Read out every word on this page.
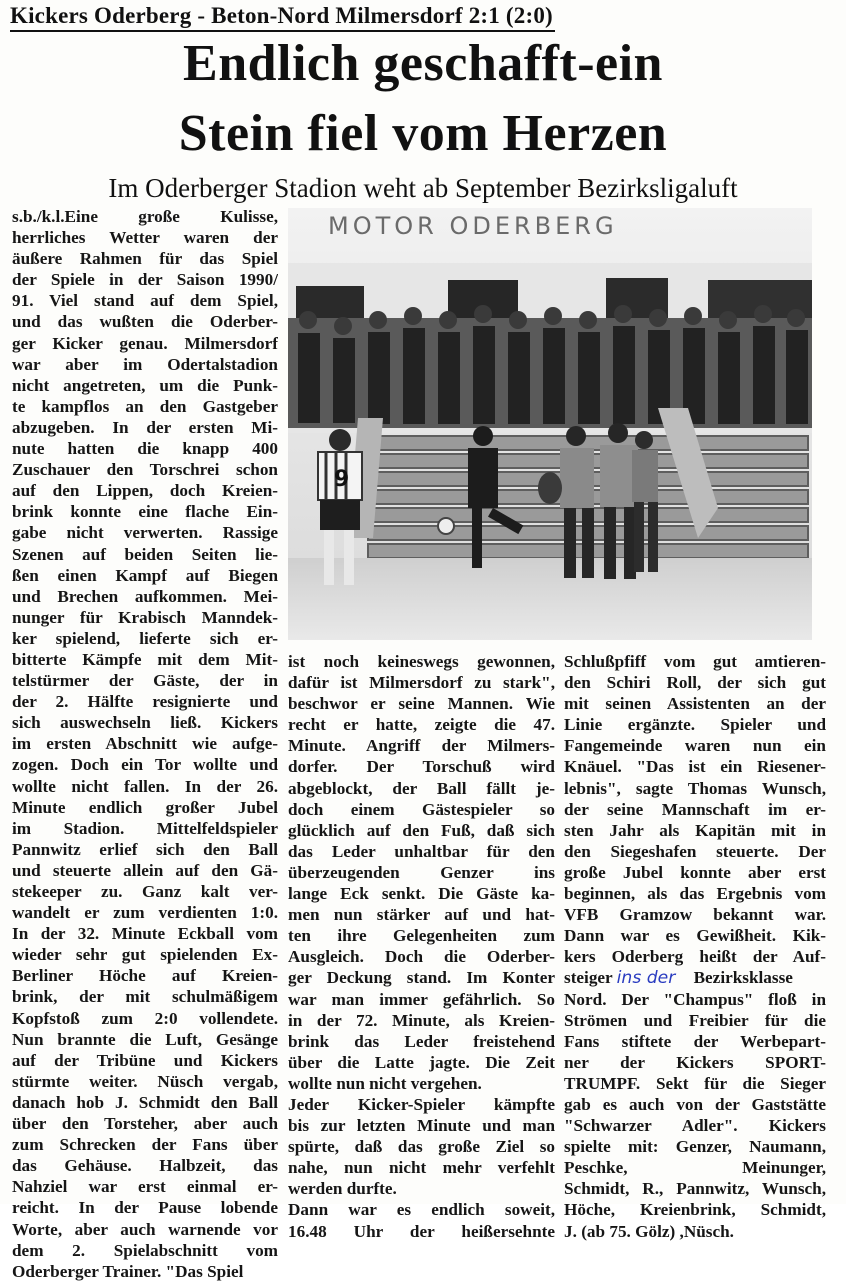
Kickers Oderberg - Beton-Nord Milmersdorf 2:1 (2:0)
Endlich geschafft-ein
Stein fiel vom Herzen
Im Oderberger Stadion weht ab September Bezirksligaluft
MOTOR ODERBERG
9
s.b./k.l.Eine große Kulisse,
herrliches Wetter waren der
äußere Rahmen für das Spiel
der Spiele in der Saison 1990/
91. Viel stand auf dem Spiel,
und das wußten die Oderber-
ger Kicker genau. Milmersdorf
war aber im Odertalstadion
nicht angetreten, um die Punk-
te kampflos an den Gastgeber
abzugeben. In der ersten Mi-
nute hatten die knapp 400
Zuschauer den Torschrei schon
auf den Lippen, doch Kreien-
brink konnte eine flache Ein-
gabe nicht verwerten. Rassige
Szenen auf beiden Seiten lie-
ßen einen Kampf auf Biegen
und Brechen aufkommen. Mei-
nunger für Krabisch Manndek-
ker spielend, lieferte sich er-
bitterte Kämpfe mit dem Mit-
telstürmer der Gäste, der in
der 2. Hälfte resignierte und
sich auswechseln ließ. Kickers
im ersten Abschnitt wie aufge-
zogen. Doch ein Tor wollte und
wollte nicht fallen. In der 26.
Minute endlich großer Jubel
im Stadion. Mittelfeldspieler
Pannwitz erlief sich den Ball
und steuerte allein auf den Gä-
stekeeper zu. Ganz kalt ver-
wandelt er zum verdienten 1:0.
In der 32. Minute Eckball vom
wieder sehr gut spielenden Ex-
Berliner Höche auf Kreien-
brink, der mit schulmäßigem
Kopfstoß zum 2:0 vollendete.
Nun brannte die Luft, Gesänge
auf der Tribüne und Kickers
stürmte weiter. Nüsch vergab,
danach hob J. Schmidt den Ball
über den Torsteher, aber auch
zum Schrecken der Fans über
das Gehäuse. Halbzeit, das
Nahziel war erst einmal er-
reicht. In der Pause lobende
Worte, aber auch warnende vor
dem 2. Spielabschnitt vom
Oderberger Trainer. "Das Spiel
ist noch keineswegs gewonnen,
dafür ist Milmersdorf zu stark",
beschwor er seine Mannen. Wie
recht er hatte, zeigte die 47.
Minute. Angriff der Milmers-
dorfer. Der Torschuß wird
abgeblockt, der Ball fällt je-
doch einem Gästespieler so
glücklich auf den Fuß, daß sich
das Leder unhaltbar für den
überzeugenden Genzer ins
lange Eck senkt. Die Gäste ka-
men nun stärker auf und hat-
ten ihre Gelegenheiten zum
Ausgleich. Doch die Oderber-
ger Deckung stand. Im Konter
war man immer gefährlich. So
in der 72. Minute, als Kreien-
brink das Leder freistehend
über die Latte jagte. Die Zeit
wollte nun nicht vergehen.
Jeder Kicker-Spieler kämpfte
bis zur letzten Minute und man
spürte, daß das große Ziel so
nahe, nun nicht mehr verfehlt
werden durfte.
Dann war es endlich soweit,
16.48 Uhr der heißersehnte
Schlußpfiff vom gut amtieren-
den Schiri Roll, der sich gut
mit seinen Assistenten an der
Linie ergänzte. Spieler und
Fangemeinde waren nun ein
Knäuel. "Das ist ein Riesener-
lebnis", sagte Thomas Wunsch,
der seine Mannschaft im er-
sten Jahr als Kapitän mit in
den Siegeshafen steuerte. Der
große Jubel konnte aber erst
beginnen, als das Ergebnis vom
VFB Gramzow bekannt war.
Dann war es Gewißheit. Kik-
kers Oderberg heißt der Auf-
steiger ins der Bezirksklasse
Nord. Der "Champus" floß in
Strömen und Freibier für die
Fans stiftete der Werbepart-
ner der Kickers SPORT-
TRUMPF. Sekt für die Sieger
gab es auch von der Gaststätte
"Schwarzer Adler". Kickers
spielte mit: Genzer, Naumann,
Peschke, Meinunger,
Schmidt, R., Pannwitz, Wunsch,
Höche, Kreienbrink, Schmidt,
J. (ab 75. Gölz) ,Nüsch.
